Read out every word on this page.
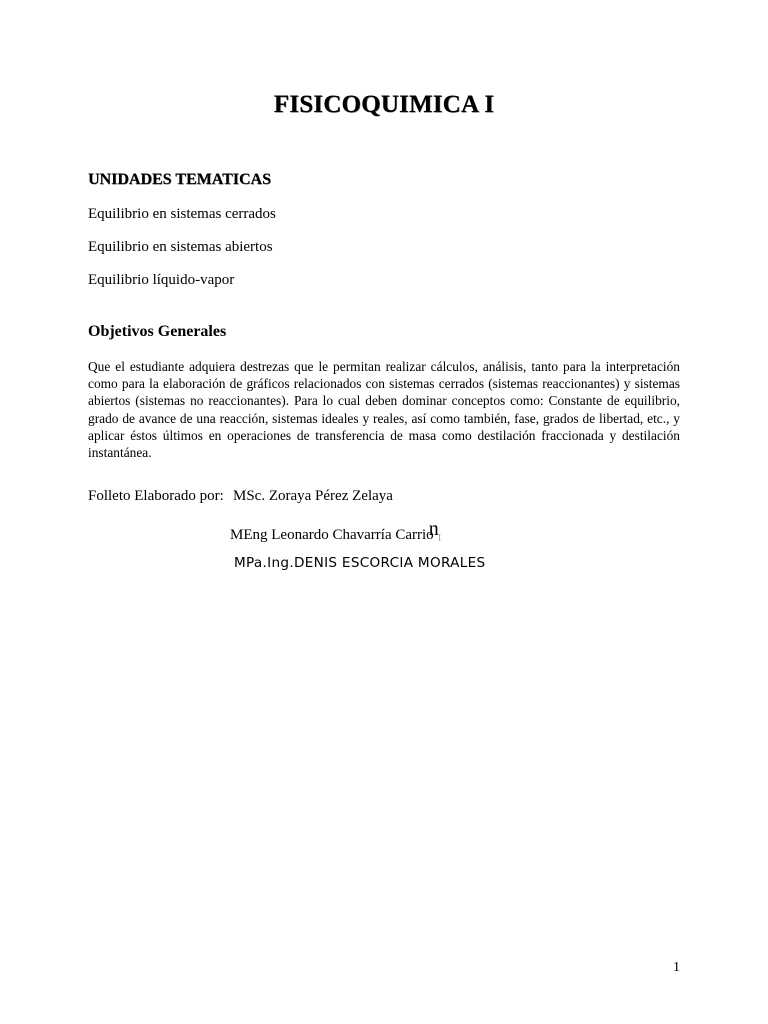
FISICOQUIMICA I
UNIDADES TEMATICAS

Equilibrio en sistemas cerrados

Equilibrio en sistemas abiertos

Equilibrio líquido-vapor

Objetivos Generales

Que el estudiante adquiera destrezas que le permitan realizar cálculos, análisis, tanto para la interpretación como para la elaboración de gráficos relacionados con sistemas cerrados (sistemas reaccionantes) y sistemas abiertos (sistemas no reaccionantes). Para lo cual deben dominar conceptos como: Constante de equilibrio, grado de avance de una reacción, sistemas ideales y reales, así como también, fase, grados de libertad, etc., y aplicar éstos últimos en operaciones de transferencia de masa como destilación fraccionada y destilación instantánea.

Folleto Elaborado por: MSc. Zoraya Pérez Zelaya
MEng Leonardo Chavarría Carrion[
MPa.Ing.DENIS ESCORCIA MORALES
1
